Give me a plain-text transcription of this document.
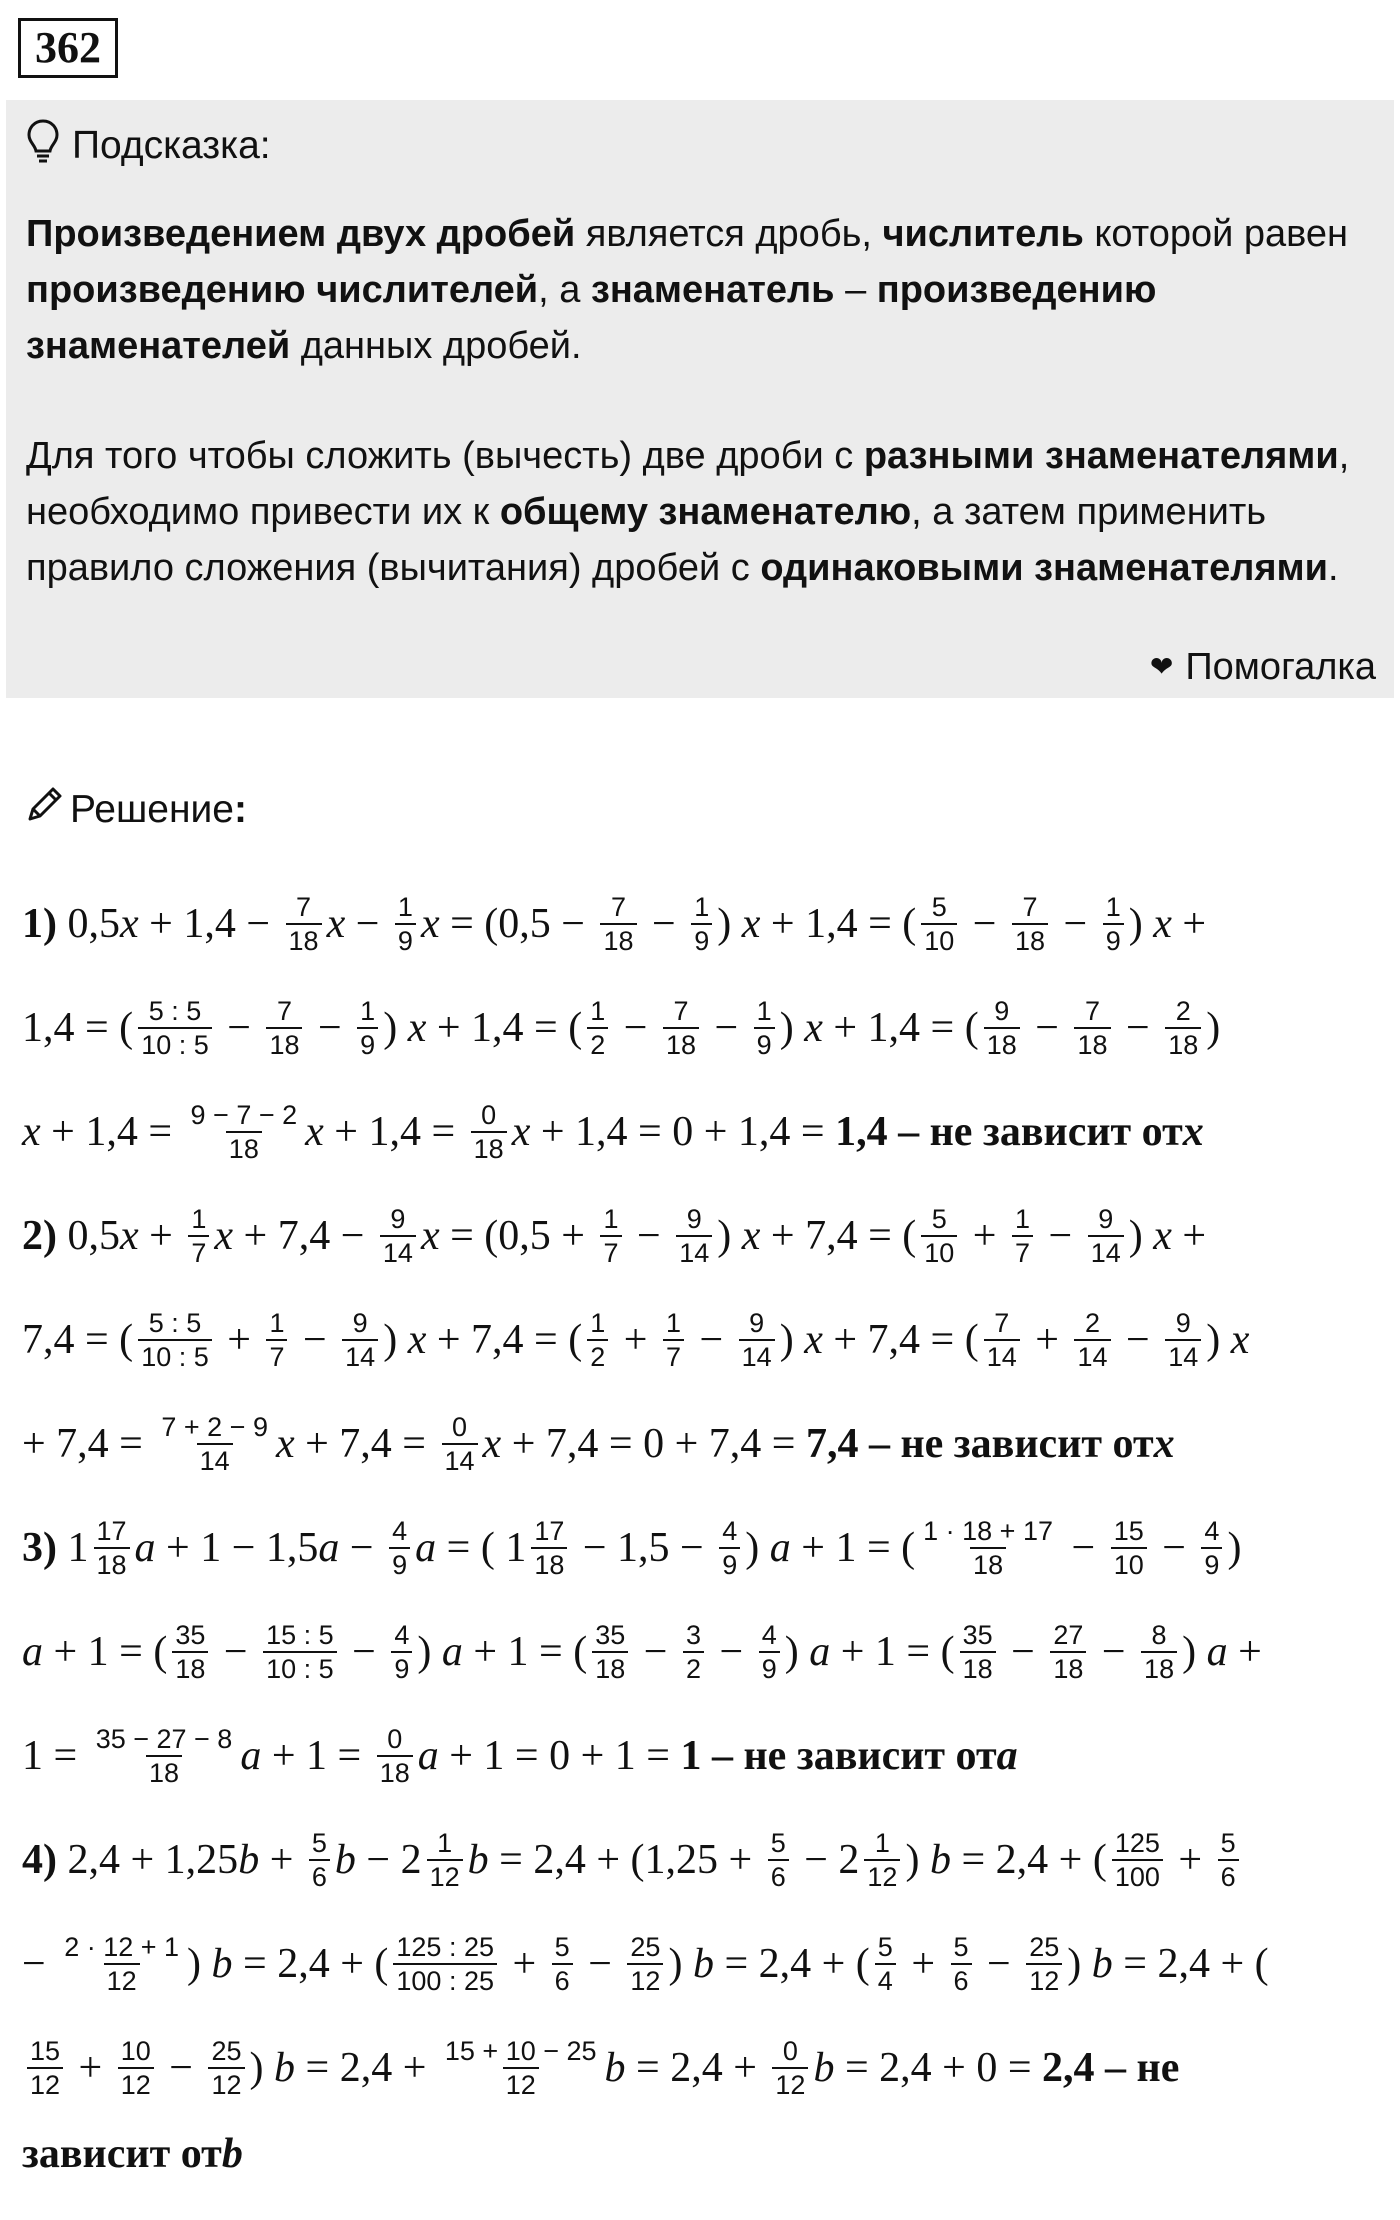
362
Подсказка:

Произведением двух дробей является дробь, числитель которой равен произведению числителей, а знаменатель – произведению знаменателей данных дробей.

Для того чтобы сложить (вычесть) две дроби с разными знаменателями, необходимо привести их к общему знаменателю, а затем применить правило сложения (вычитания) дробей с одинаковыми знаменателями.

❤ Помогалка
Решение :
1) 0,5 $x + 1,4 - \frac{7}{18}$ $x - \frac{1}{9}$ $x = (0,5 - \frac{7}{18} - \frac{1}{9}$ ) x + 1,4 = ( $\frac{5}{10} - \frac{7}{18} - \frac{1}{9}$ ) x +
1,4 = ( $\frac{5 : 5}{10 : 5} - \frac{7}{18} - \frac{1}{9}$ ) x + 1,4 = ( $\frac{1}{2} - \frac{7}{18} - \frac{1}{9}$ ) x + 1,4 = ( $\frac{9}{18} - \frac{7}{18} - \frac{2}{18}$ )
$x + 1,4 = \frac{9 - 7 - 2}{18}$ $x + 1,4 = \frac{0}{18}$ x + 1,4 = 0 + 1,4 = 1,4 – не зависит от x
2) 0,5 $x + \frac{1}{7}$ $x + 7,4 - \frac{9}{14}$ $x = (0,5 + \frac{1}{7} - \frac{9}{14}$ ) x + 7,4 = ( $\frac{5}{10} + \frac{1}{7} - \frac{9}{14}$ ) x +
7,4 = ( $\frac{5 : 5}{10 : 5} + \frac{1}{7} - \frac{9}{14}$ ) x + 7,4 = ( $\frac{1}{2} + \frac{1}{7} - \frac{9}{14}$ ) x + 7,4 = ( $\frac{7}{14} + \frac{2}{14} - \frac{9}{14}$ ) x
+ $7,4 = \frac{7 + 2 - 9}{14}$ $x + 7,4 = \frac{0}{14}$ x + 7,4 = 0 + 7,4 = 7,4 – не зависит от x
3) $1 \frac{17}{18}$ a + 1 − 1,5 $a - \frac{4}{9}$ a = ( $1 \frac{17}{18} - 1,5 - \frac{4}{9}$ ) a + 1 = ( $\frac{1 \cdot 18 + 17}{18} - \frac{15}{10} - \frac{4}{9}$ )
a + 1 = ( $\frac{35}{18} - \frac{15 : 5}{10 : 5} - \frac{4}{9}$ ) a + 1 = ( $\frac{35}{18} - \frac{3}{2} - \frac{4}{9}$ ) a + 1 = ( $\frac{35}{18} - \frac{27}{18} - \frac{8}{18}$ ) a +
$1 = \frac{35 - 27 - 8}{18}$ $a + 1 = \frac{0}{18}$ a + 1 = 0 + 1 = 1 – не зависит от a
4) 2,4 + 1,25 $b + \frac{5}{6}$ $b - 2 \frac{1}{12}$ $b = 2,4 + (1,25 + \frac{5}{6} - 2 \frac{1}{12}$ ) b = 2,4 + ( $\frac{125}{100} + \frac{5}{6}$
− $\frac{2 \cdot 12 + 1}{12}$ ) b = 2,4 + ( $\frac{125 : 25}{100 : 25} + \frac{5}{6} - \frac{25}{12}$ ) b = 2,4 + ( $\frac{5}{4} + \frac{5}{6} - \frac{25}{12}$ ) b = 2,4 + (
$\frac{15}{12} + \frac{10}{12} - \frac{25}{12}$ ) $b = 2,4 + \frac{15 + 10 - 25}{12}$ $b = 2,4 + \frac{0}{12}$ b = 2,4 + 0 = 2,4 – не
зависит от b
